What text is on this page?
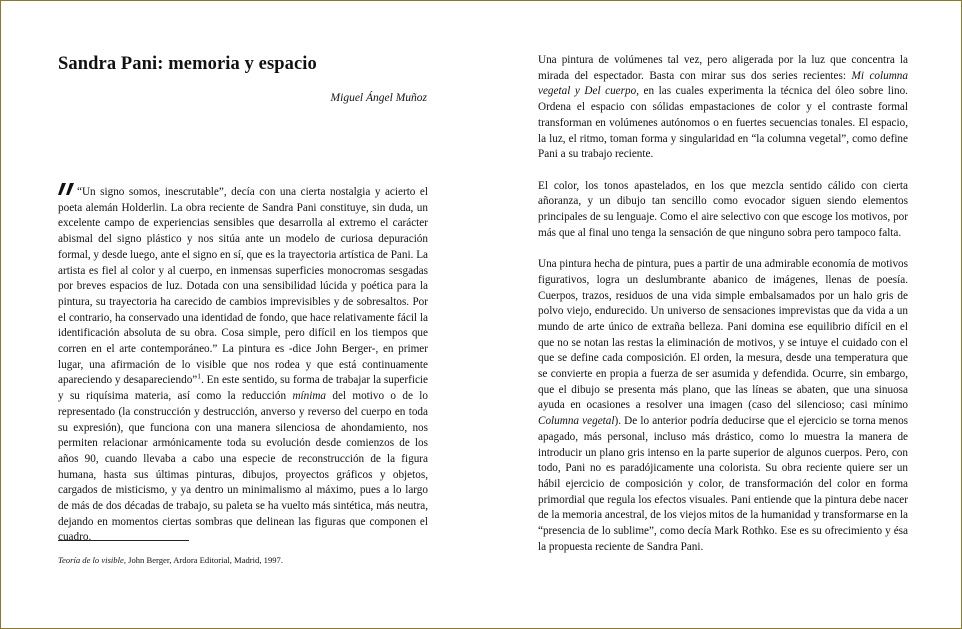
Sandra Pani: memoria y espacio

Miguel Ángel Muñoz

“Un signo somos, inescrutable”, decía con una cierta nostalgia y acierto el poeta alemán Holderlin. La obra reciente de Sandra Pani constituye, sin duda, un excelente campo de experiencias sensibles que desarrolla al extremo el carácter abismal del signo plástico y nos sitúa ante un modelo de curiosa depuración formal, y desde luego, ante el signo en sí, que es la trayectoria artística de Pani. La artista es fiel al color y al cuerpo, en inmensas superficies monocromas sesgadas por breves espacios de luz. Dotada con una sensibilidad lúcida y poética para la pintura, su trayectoria ha carecido de cambios imprevisibles y de sobresaltos. Por el contrario, ha conservado una identidad de fondo, que hace relativamente fácil la identificación absoluta de su obra. Cosa simple, pero difícil en los tiempos que corren en el arte contemporáneo.” La pintura es -dice John Berger-, en primer lugar, una afirmación de lo visible que nos rodea y que está continuamente apareciendo y desapareciendo”$^1$. En este sentido, su forma de trabajar la superficie y su riquísima materia, así como la reducción mínima del motivo o de lo representado (la construcción y destrucción, anverso y reverso del cuerpo en toda su expresión), que funciona con una manera silenciosa de ahondamiento, nos permiten relacionar armónicamente toda su evolución desde comienzos de los años 90, cuando llevaba a cabo una especie de reconstrucción de la figura humana, hasta sus últimas pinturas, dibujos, proyectos gráficos y objetos, cargados de misticismo, y ya dentro un minimalismo al máximo, pues a lo largo de más de dos décadas de trabajo, su paleta se ha vuelto más sintética, más neutra, dejando en momentos ciertas sombras que delinean las figuras que componen el cuadro.

Teoría de lo visible, John Berger, Ardora Editorial, Madrid, 1997.

Una pintura de volúmenes tal vez, pero aligerada por la luz que concentra la mirada del espectador. Basta con mirar sus dos series recientes: Mi columna vegetal y Del cuerpo, en las cuales experimenta la técnica del óleo sobre lino. Ordena el espacio con sólidas empastaciones de color y el contraste formal transforman en volúmenes autónomos o en fuertes secuencias tonales. El espacio, la luz, el ritmo, toman forma y singularidad en “la columna vegetal”, como define Pani a su trabajo reciente.

El color, los tonos apastelados, en los que mezcla sentido cálido con cierta añoranza, y un dibujo tan sencillo como evocador siguen siendo elementos principales de su lenguaje. Como el aire selectivo con que escoge los motivos, por más que al final uno tenga la sensación de que ninguno sobra pero tampoco falta.

Una pintura hecha de pintura, pues a partir de una admirable economía de motivos figurativos, logra un deslumbrante abanico de imágenes, llenas de poesía. Cuerpos, trazos, residuos de una vida simple embalsamados por un halo gris de polvo viejo, endurecido. Un universo de sensaciones imprevistas que da vida a un mundo de arte único de extraña belleza. Pani domina ese equilibrio difícil en el que no se notan las restas la eliminación de motivos, y se intuye el cuidado con el que se define cada composición. El orden, la mesura, desde una temperatura que se convierte en propia a fuerza de ser asumida y defendida. Ocurre, sin embargo, que el dibujo se presenta más plano, que las líneas se abaten, que una sinuosa ayuda en ocasiones a resolver una imagen (caso del silencioso; casi mínimo Columna vegetal). De lo anterior podría deducirse que el ejercicio se torna menos apagado, más personal, incluso más drástico, como lo muestra la manera de introducir un plano gris intenso en la parte superior de algunos cuerpos. Pero, con todo, Pani no es paradójicamente una colorista. Su obra reciente quiere ser un hábil ejercicio de composición y color, de transformación del color en forma primordial que regula los efectos visuales. Pani entiende que la pintura debe nacer de la memoria ancestral, de los viejos mitos de la humanidad y transformarse en la “presencia de lo sublime”, como decía Mark Rothko. Ese es su ofrecimiento y ésa la propuesta reciente de Sandra Pani.
